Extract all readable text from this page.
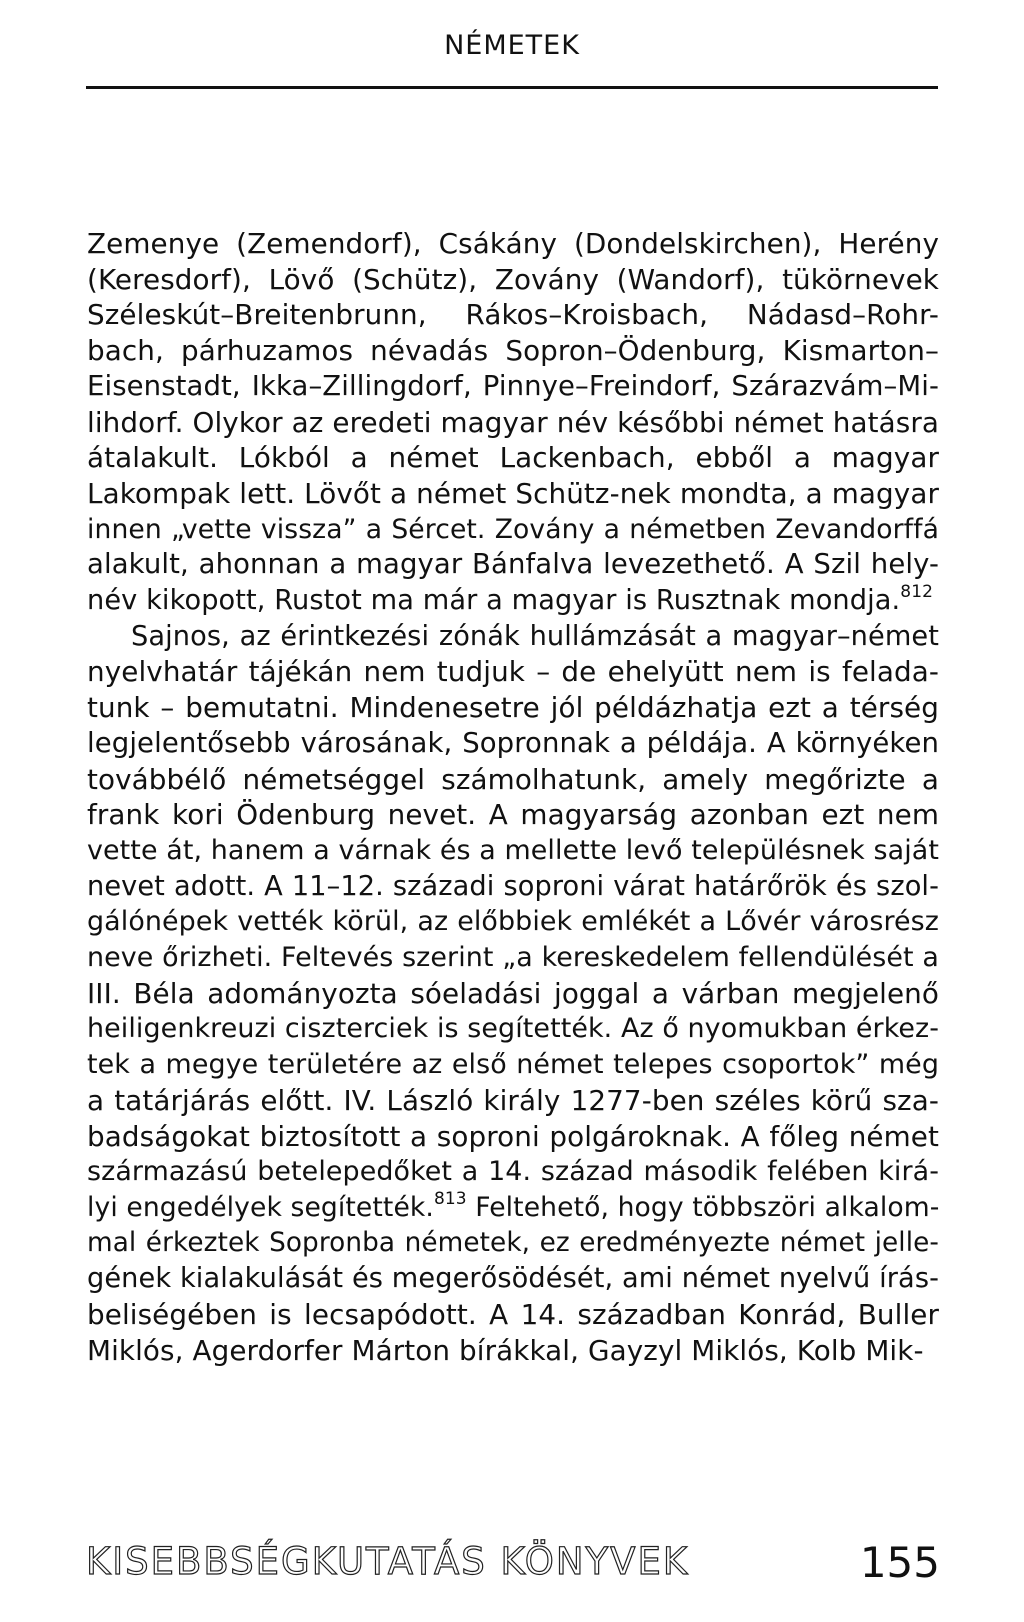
NÉMETEK
Zemenye (Zemendorf), Csákány (Dondelskirchen), Herény
(Keresdorf), Lövő (Schütz), Zovány (Wandorf), tükörnevek
Széleskút–Breitenbrunn, Rákos–Kroisbach, Nádasd–Rohr-
bach, párhuzamos névadás Sopron–Ödenburg, Kismarton–
Eisenstadt, Ikka–Zillingdorf, Pinnye–Freindorf, Szárazvám–Mi-
lihdorf. Olykor az eredeti magyar név későbbi német hatásra
átalakult. Lókból a német Lackenbach, ebből a magyar
Lakompak lett. Lövőt a német Schütz-nek mondta, a magyar
innen „vette vissza” a Sércet. Zovány a németben Zevandorffá
alakult, ahonnan a magyar Bánfalva levezethető. A Szil hely-
név kikopott, Rustot ma már a magyar is Rusztnak mondja.$^{812}$
Sajnos, az érintkezési zónák hullámzását a magyar–német
nyelvhatár tájékán nem tudjuk – de ehelyütt nem is felada-
tunk – bemutatni. Mindenesetre jól példázhatja ezt a térség
legjelentősebb városának, Sopronnak a példája. A környéken
továbbélő németséggel számolhatunk, amely megőrizte a
frank kori Ödenburg nevet. A magyarság azonban ezt nem
vette át, hanem a várnak és a mellette levő településnek saját
nevet adott. A 11–12. századi soproni várat határőrök és szol-
gálónépek vették körül, az előbbiek emlékét a Lővér városrész
neve őrizheti. Feltevés szerint „a kereskedelem fellendülését a
III. Béla adományozta sóeladási joggal a várban megjelenő
heiligenkreuzi ciszterciek is segítették. Az ő nyomukban érkez-
tek a megye területére az első német telepes csoportok” még
a tatárjárás előtt. IV. László király 1277-ben széles körű sza-
badságokat biztosított a soproni polgároknak. A főleg német
származású betelepedőket a 14. század második felében kirá-
lyi engedélyek segítették.$^{813}$ Feltehető, hogy többszöri alkalom-
mal érkeztek Sopronba németek, ez eredményezte német jelle-
gének kialakulását és megerősödését, ami német nyelvű írás-
beliségében is lecsapódott. A 14. században Konrád, Buller
Miklós, Agerdorfer Márton bírákkal, Gayzyl Miklós, Kolb Mik-
KISEBBSÉGKUTATÁS KÖNYVEK	155
